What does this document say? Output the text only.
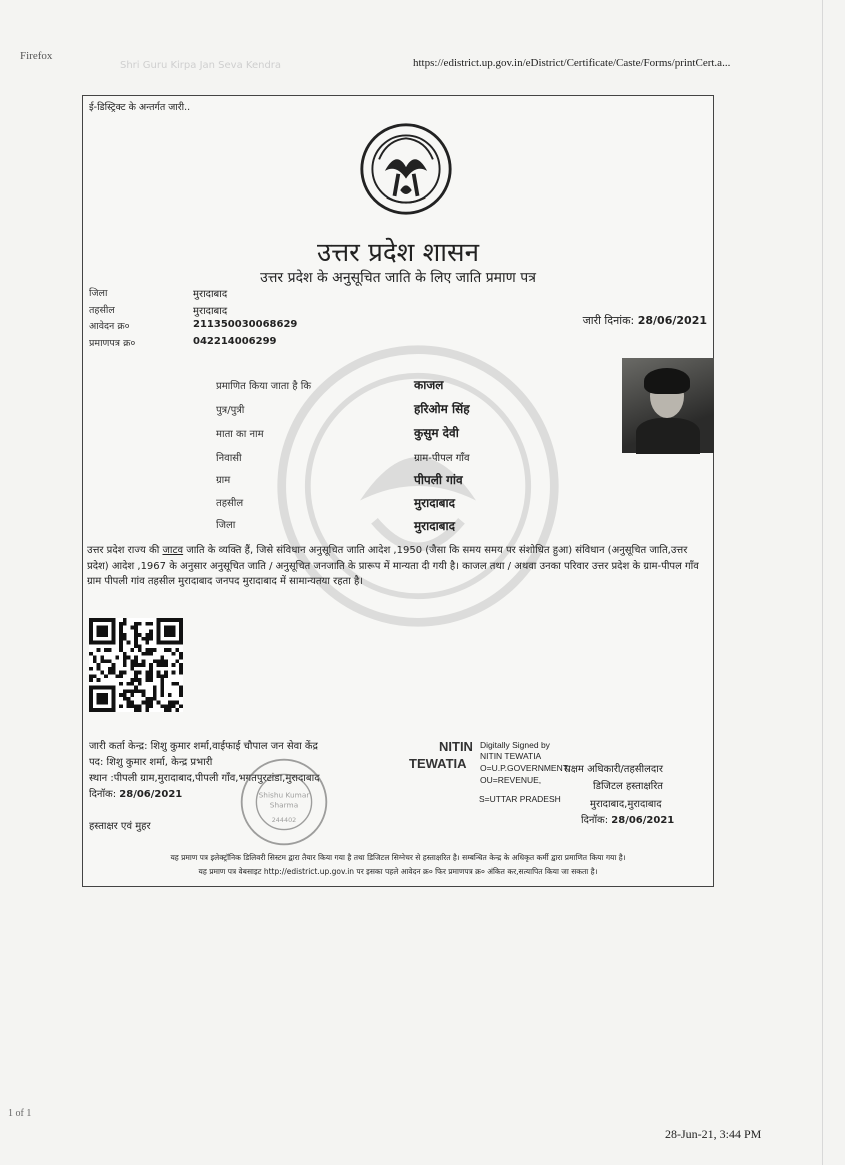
Firefox
Shri Guru Kirpa Jan Seva Kendra	https://edistrict.up.gov.in/eDistrict/Certificate/Caste/Forms/printCert.a...
ई-डिस्ट्रिक्ट के अन्तर्गत जारी..
उत्तर प्रदेश शासन
उत्तर प्रदेश के अनुसूचित जाति के लिए जाति प्रमाण पत्र
जिला	मुरादाबाद
तहसील	मुरादाबाद
आवेदन क्र०	211350030068629
प्रमाणपत्र क्र०	042214006299
जारी दिनांक: 28/06/2021
प्रमाणित किया जाता है कि	काजल
पुत्र/पुत्री	हरिओम सिंह
माता का नाम	कुसुम देवी
निवासी	ग्राम-पीपल गाँव
ग्राम	पीपली गांव
तहसील	मुरादाबाद
जिला	मुरादाबाद
उत्तर प्रदेश राज्य की जाटव जाति के व्यक्ति हैं, जिसे संविधान अनुसूचित जाति आदेश ,1950 (जैसा कि समय समय पर संशोधित हुआ) संविधान (अनुसूचित जाति,उत्तर प्रदेश) आदेश ,1967 के अनुसार अनुसूचित जाति / अनुसूचित जनजाति के प्रारूप में मान्यता दी गयी है। काजल तथा / अथवा उनका परिवार उत्तर प्रदेश के ग्राम-पीपल गाँव ग्राम पीपली गांव तहसील मुरादाबाद जनपद मुरादाबाद में सामान्यतया रहता है।
जारी कर्ता केन्द्र: शिशु कुमार शर्मा,वाईफाई चौपाल जन सेवा केंद्र
पद: शिशु कुमार शर्मा, केन्द्र प्रभारी
स्थान :पीपली ग्राम,मुरादाबाद,पीपली गाँव,भगतपुरटांडा,मुरादाबाद
दिनॉक: 28/06/2021
हस्ताक्षर एवं मुहर
Shishu Kumar
Sharma
244402
NITIN
TEWATIA
Digitally Signed by
NITIN TEWATIA
O=U.P.GOVERNMENT,
OU=REVENUE,
S=UTTAR PRADESH
सक्षम अधिकारी/तहसीलदार
डिजिटल हस्ताक्षरित
मुरादाबाद,मुरादाबाद
दिनॉक: 28/06/2021
यह प्रमाण पत्र इलेक्ट्रॉनिक डिलिवरी सिस्टम द्वारा तैयार किया गया है तथा डिजिटल सिग्नेचर से हस्ताक्षरित है। सम्बन्धित केन्द्र के अधिकृत कर्मी द्वारा प्रमाणित किया गया है।
यह प्रमाण पत्र वेबसाइट http://edistrict.up.gov.in पर इसका पहले आवेदन क्र० फिर प्रमाणपत्र क्र० अंकित कर,सत्यापित किया जा सकता है।
1 of 1
28-Jun-21, 3:44 PM
